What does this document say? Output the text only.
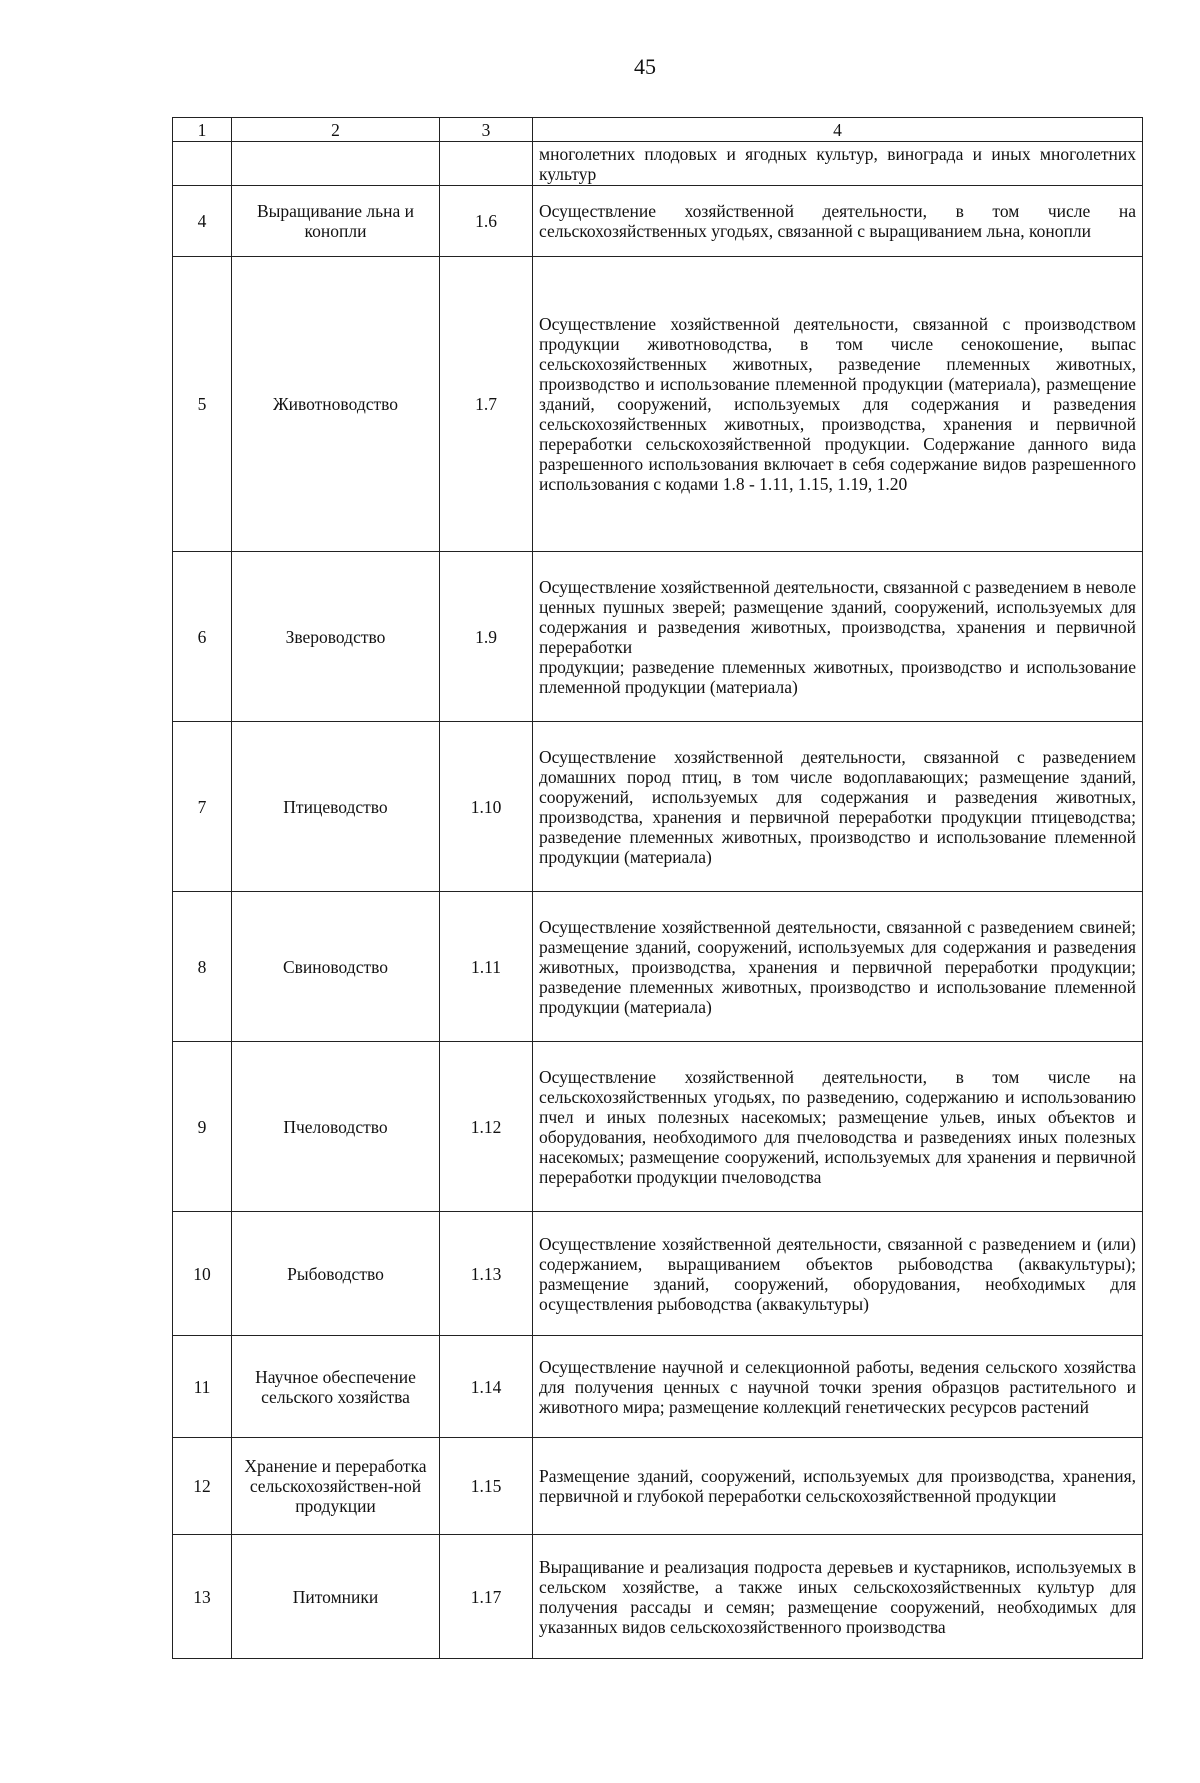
45
1	2	3	4
			многолетних плодовых и ягодных культур, винограда и иных многолетних культур
4	Выращивание льна и конопли	1.6	Осуществление хозяйственной деятельности, в том числе на сельскохозяйственных угодьях, связанной с выращиванием льна, конопли
5	Животноводство	1.7	Осуществление хозяйственной деятельности, связанной с производством продукции животноводства, в том числе сенокошение, выпас сельскохозяйственных животных, разведение племенных животных, производство и использование племенной продукции (материала), размещение зданий, сооружений, используемых для содержания и разведения сельскохозяйственных животных, производства, хранения и первичной переработки сельскохозяйственной продукции. Содержание данного вида разрешенного использования включает в себя содержание видов разрешенного использования с кодами 1.8 - 1.11, 1.15, 1.19, 1.20
6	Звероводство	1.9	Осуществление хозяйственной деятельности, связанной с разведением в неволе ценных пушных зверей; размещение зданий, сооружений, используемых для содержания и разведения животных, производства, хранения и первичной переработки
продукции; разведение племенных животных, производство и использование племенной продукции (материала)
7	Птицеводство	1.10	Осуществление хозяйственной деятельности, связанной с разведением домашних пород птиц, в том числе водоплавающих; размещение зданий, сооружений, используемых для содержания и разведения животных, производства, хранения и первичной переработки продукции птицеводства; разведение племенных животных, производство и использование племенной продукции (материала)
8	Свиноводство	1.11	Осуществление хозяйственной деятельности, связанной с разведением свиней; размещение зданий, сооружений, используемых для содержания и разведения животных, производства, хранения и первичной переработки продукции; разведение племенных животных, производство и использование племенной продукции (материала)
9	Пчеловодство	1.12	Осуществление хозяйственной деятельности, в том числе на сельскохозяйственных угодьях, по разведению, содержанию и использованию пчел и иных полезных насекомых; размещение ульев, иных объектов и оборудования, необходимого для пчеловодства и разведениях иных полезных насекомых; размещение сооружений, используемых для хранения и первичной переработки продукции пчеловодства
10	Рыбоводство	1.13	Осуществление хозяйственной деятельности, связанной с разведением и (или) содержанием, выращиванием объектов рыбоводства (аквакультуры); размещение зданий, сооружений, оборудования, необходимых для осуществления рыбоводства (аквакультуры)
11	Научное обеспечение сельского хозяйства	1.14	Осуществление научной и селекционной работы, ведения сельского хозяйства для получения ценных с научной точки зрения образцов растительного и животного мира; размещение коллекций генетических ресурсов растений
12	Хранение и переработка сельскохозяйствен-ной продукции	1.15	Размещение зданий, сооружений, используемых для производства, хранения, первичной и глубокой переработки сельскохозяйственной продукции
13	Питомники	1.17	Выращивание и реализация подроста деревьев и кустарников, используемых в сельском хозяйстве, а также иных сельскохозяйственных культур для получения рассады и семян; размещение сооружений, необходимых для указанных видов сельскохозяйственного производства
